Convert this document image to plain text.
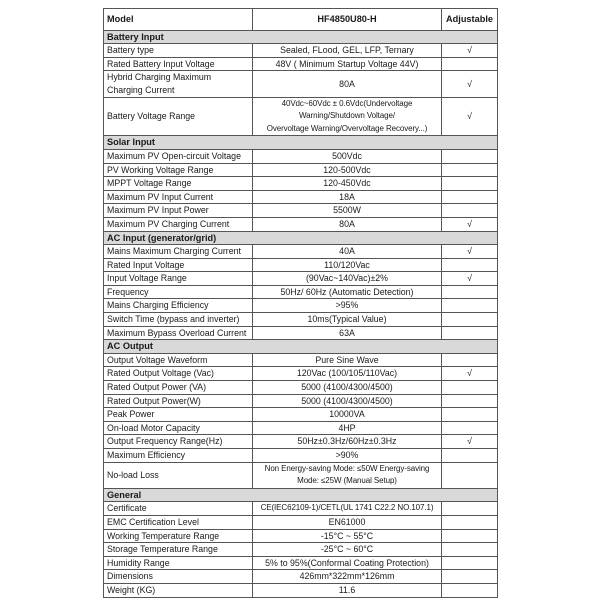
Model	HF4850U80-H	Adjustable
Battery Input		
Battery type	Sealed, FLood, GEL, LFP, Ternary	√
Rated Battery Input Voltage	48V ( Minimum Startup Voltage 44V)	

Hybrid Charging Maximum Charging Current	80A	√
Battery Voltage Range	40Vdc~60Vdc ± 0.6Vdc(Undervoltage
Warning/Shutdown Voltage/
Overvoltage Warning/Overvoltage Recovery...)	√
Solar Input		
Maximum PV Open-circuit Voltage	500Vdc	

PV Working Voltage Range	120-500Vdc	

MPPT Voltage Range	120-450Vdc	

Maximum PV Input Current	18A	

Maximum PV Input Power	5500W	

Maximum PV Charging Current	80A	√
AC Input (generator/grid)		
Mains Maximum Charging Current	40A	√
Rated Input Voltage	110/120Vac	

Input Voltage Range	(90Vac~140Vac)±2%	√
Frequency	50Hz/ 60Hz (Automatic Detection)	

Mains Charging Efficiency	>95%	

Switch Time (bypass and inverter)	10ms(Typical Value)	

Maximum Bypass Overload Current	63A	

AC Output		
Output Voltage Waveform	Pure Sine Wave	

Rated Output Voltage (Vac)	120Vac (100/105/110Vac)	√
Rated Output Power (VA)	5000 (4100/4300/4500)	

Rated Output Power(W)	5000 (4100/4300/4500)	

Peak Power	10000VA	

On-load Motor Capacity	4HP	

Output Frequency Range(Hz)	50Hz±0.3Hz/60Hz±0.3Hz	√
Maximum Efficiency	>90%	

No-load Loss	Non Energy-saving Mode: ≤50W Energy-saving
Mode: ≤25W (Manual Setup)	

General		
Certificate	CE(IEC62109-1)/CETL(UL 1741 C22.2 NO.107.1)	

EMC Certification Level	EN61000	

Working Temperature Range	-15°C ~ 55°C	

Storage Temperature Range	-25°C ~ 60°C	

Humidity Range	5% to 95%(Conformal Coating Protection)	

Dimensions	426mm*322mm*126mm	

Weight (KG)	11.6	
